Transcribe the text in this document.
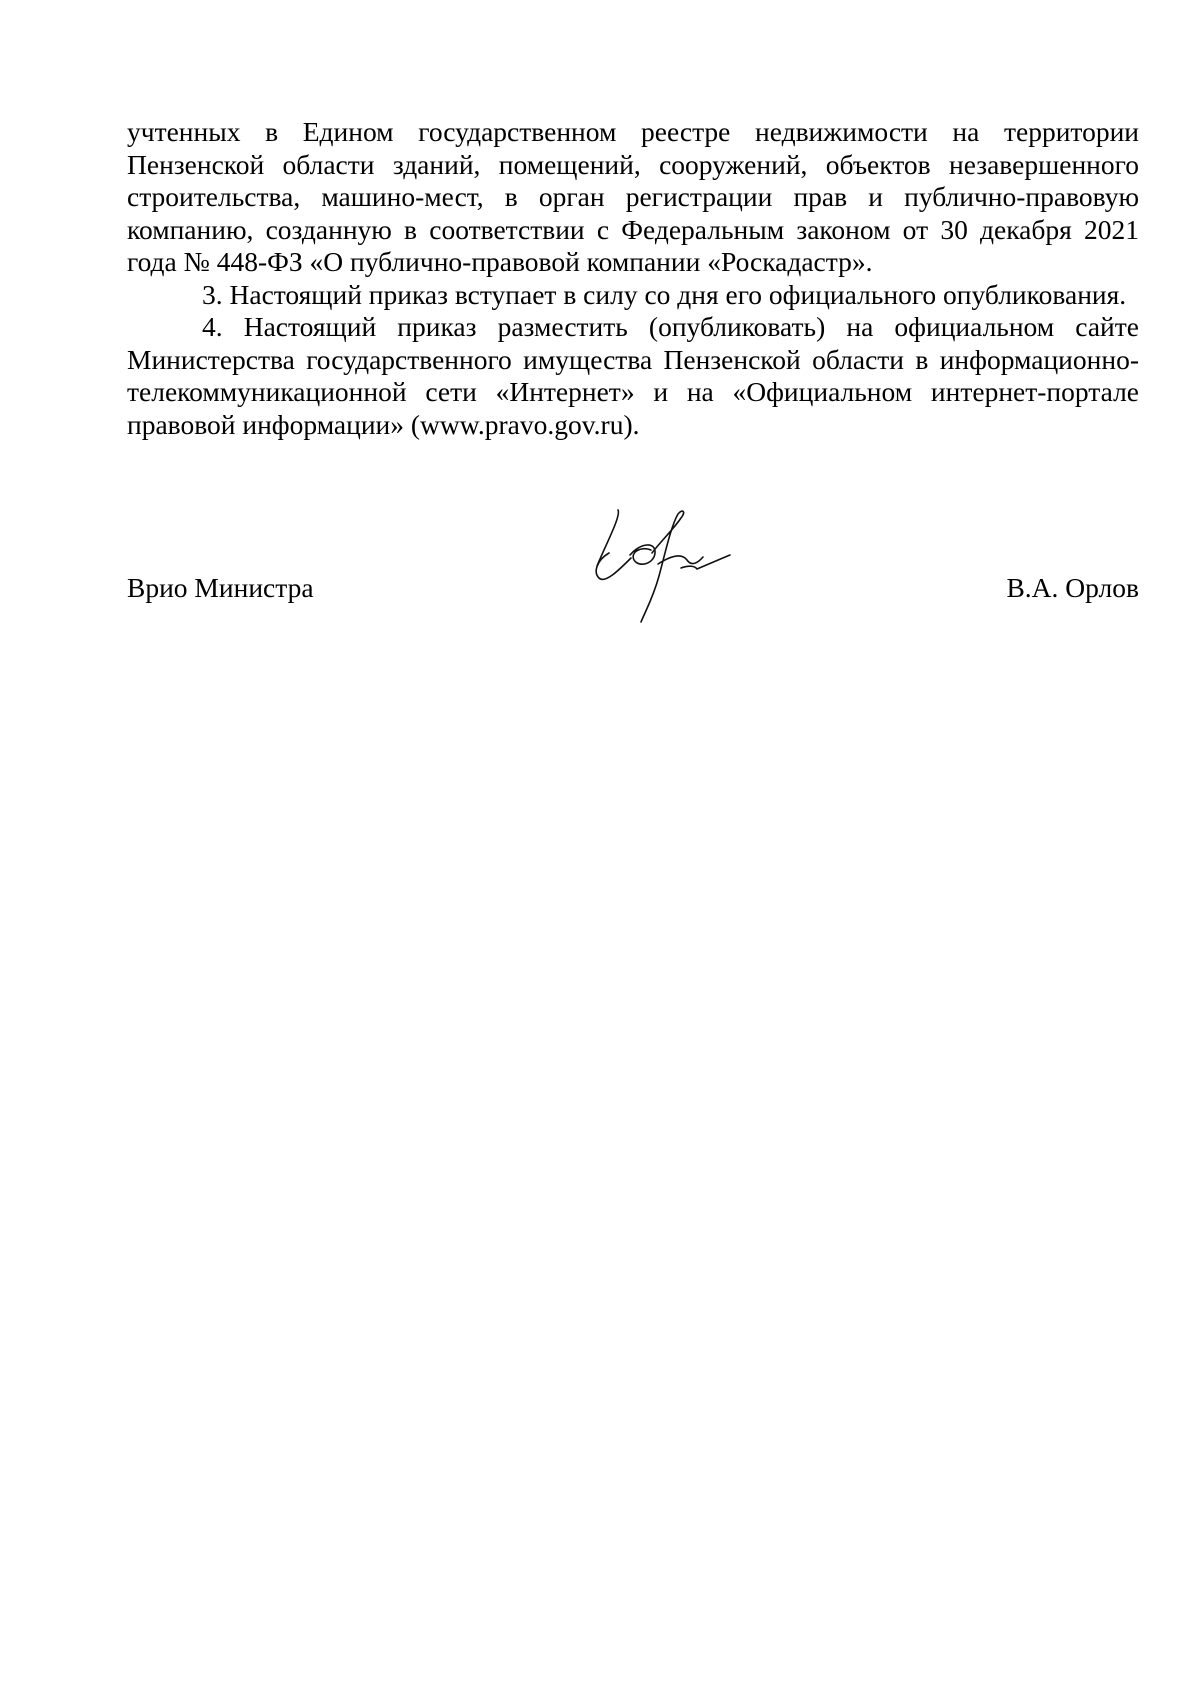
учтенных в Едином государственном реестре недвижимости на территории Пензенской области зданий, помещений, сооружений, объектов незавершенного строительства, машино-мест, в орган регистрации прав и публично-правовую компанию, созданную в соответствии с Федеральным законом от 30 декабря 2021 года № 448-ФЗ «О публично-правовой компании «Роскадастр».

3. Настоящий приказ вступает в силу со дня его официального опубликования.

4. Настоящий приказ разместить (опубликовать) на официальном сайте Министерства государственного имущества Пензенской области в информационно-телекоммуникационной сети «Интернет» и на «Официальном интернет-портале правовой информации» (www.pravo.gov.ru).

Врио Министра	В.А. Орлов
